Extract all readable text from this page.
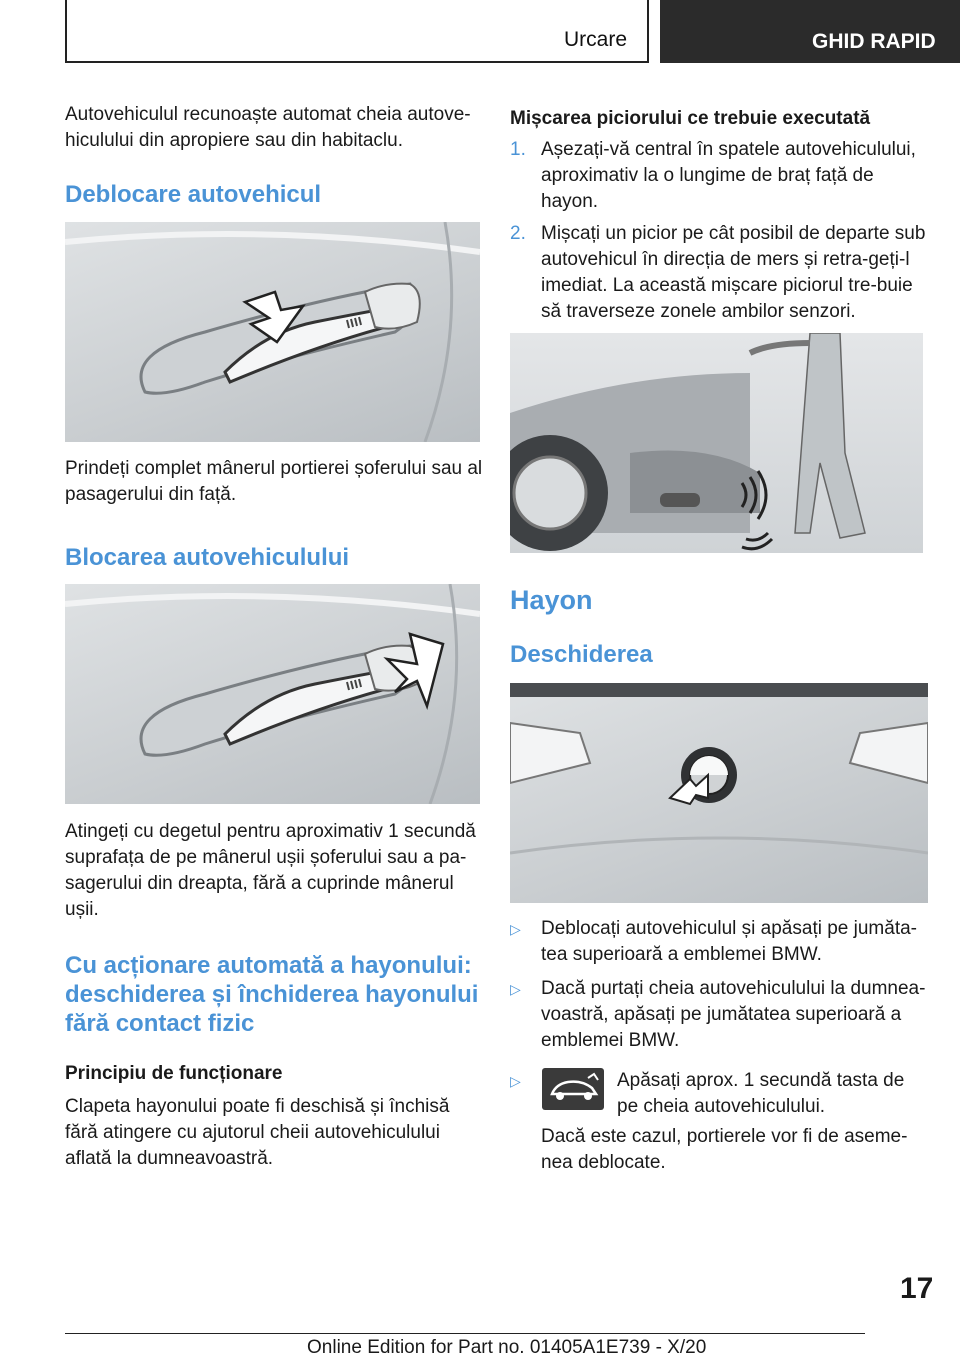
Urcare	GHID RAPID

Autovehiculul recunoaște automat cheia autove-hiculului din apropiere sau din habitaclu.

Deblocare autovehicul

Prindeți complet mânerul portierei șoferului sau al pasagerului din față.

Blocarea autovehiculului

Atingeți cu degetul pentru aproximativ 1 secundă suprafața de pe mânerul ușii șoferului sau a pa-sagerului din dreapta, fără a cuprinde mânerul ușii.

Cu acționare automată a hayonului: deschiderea și închiderea hayonului fără contact fizic
Principiu de funcționare

Clapeta hayonului poate fi deschisă și închisă fără atingere cu ajutorul cheii autovehiculului aflată la dumneavoastră.

Mișcarea piciorului ce trebuie executată
1. Așezați-vă central în spatele autovehiculului, aproximativ la o lungime de braț față de hayon.
2. Mișcați un picior pe cât posibil de departe sub autovehicul în direcția de mers și retra-geți-l imediat. La această mișcare piciorul tre-buie să traverseze zonele ambilor senzori.
Hayon
Deschiderea
▷ Deblocați autovehiculul și apăsați pe jumăta-tea superioară a emblemei BMW.
▷ Dacă purtați cheia autovehiculului la dumnea-voastră, apăsați pe jumătatea superioară a emblemei BMW.
▷	Apăsați aprox. 1 secundă tasta de pe cheia autovehiculului.

Dacă este cazul, portierele vor fi de aseme-nea deblocate.

17
Online Edition for Part no. 01405A1E739 - X/20
